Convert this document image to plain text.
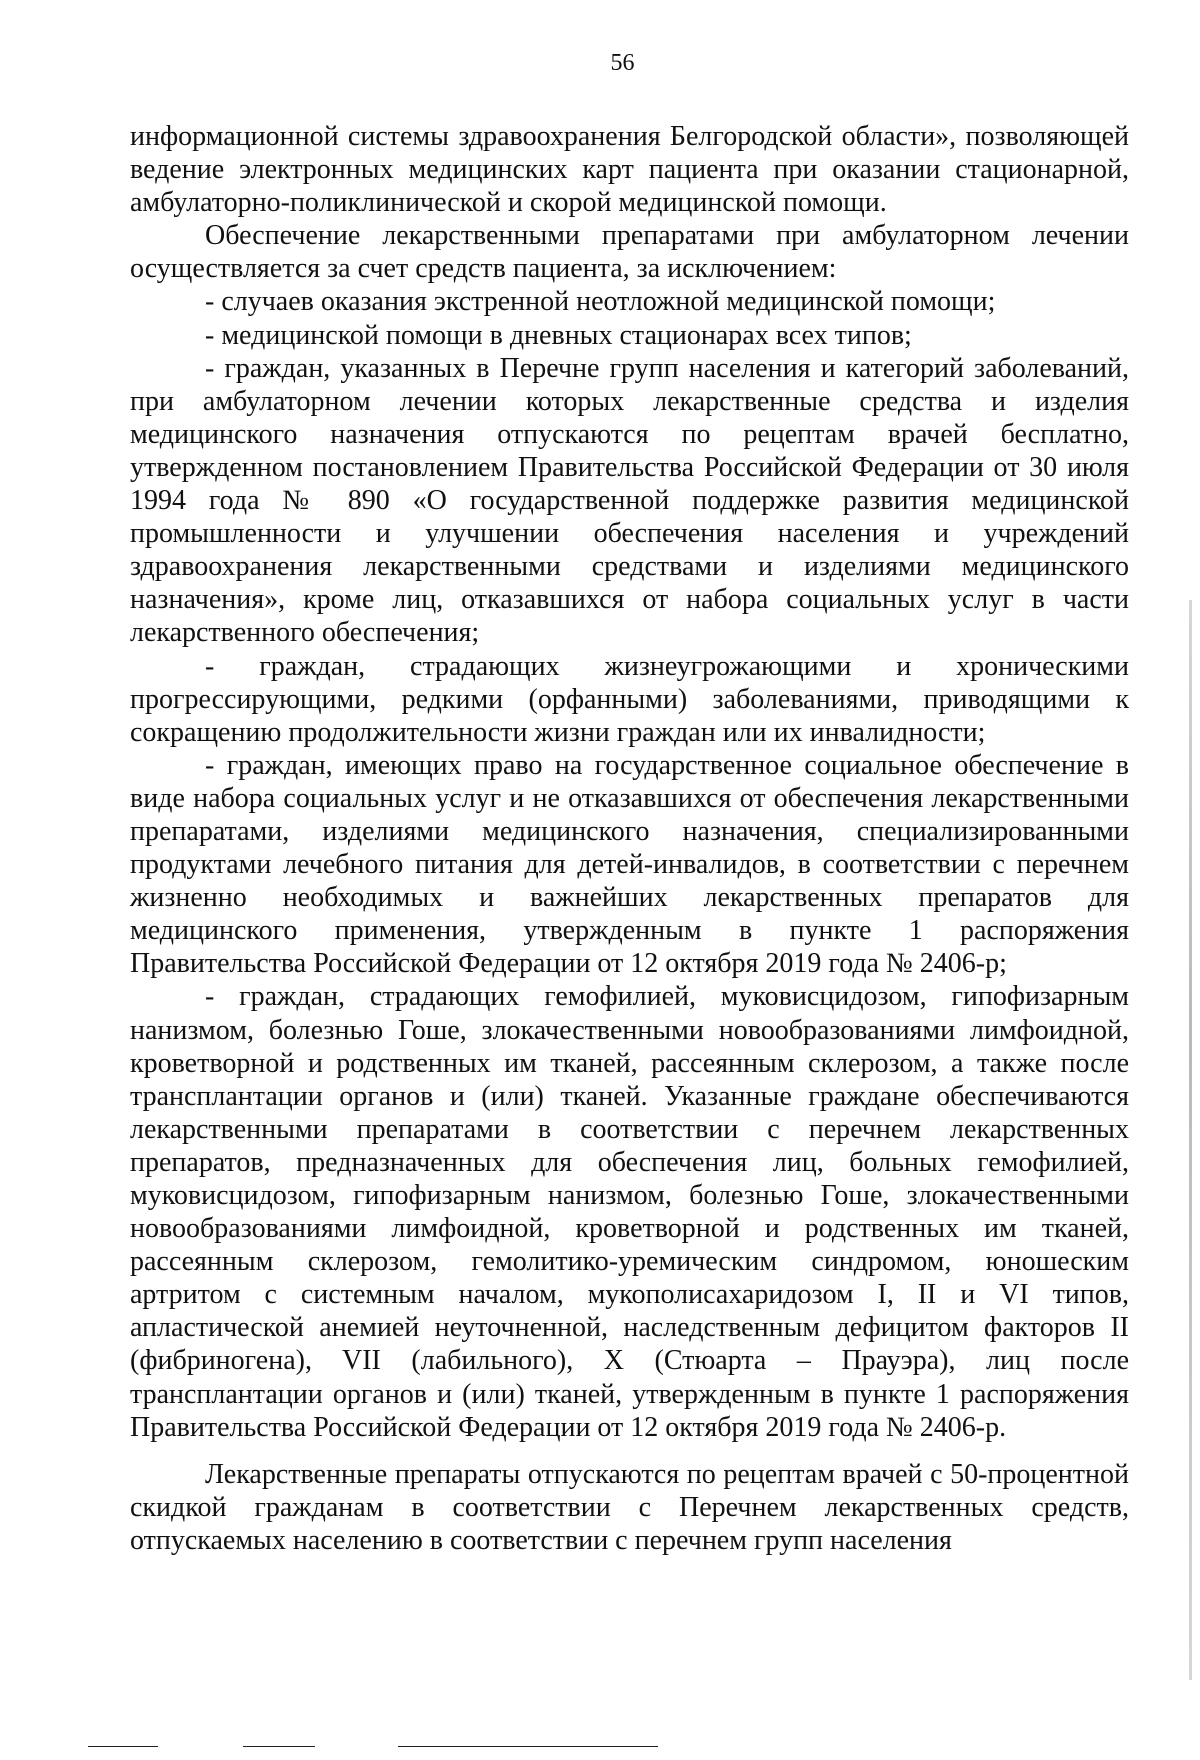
56

информационной системы здравоохранения Белгородской области», позволяющей ведение электронных медицинских карт пациента при оказании стационарной, амбулаторно-поликлинической и скорой медицинской помощи.

Обеспечение лекарственными препаратами при амбулаторном лечении осуществляется за счет средств пациента, за исключением:

- случаев оказания экстренной неотложной медицинской помощи;

- медицинской помощи в дневных стационарах всех типов;

- граждан, указанных в Перечне групп населения и категорий заболеваний, при амбулаторном лечении которых лекарственные средства и изделия медицинского назначения отпускаются по рецептам врачей бесплатно, утвержденном постановлением Правительства Российской Федерации от 30 июля 1994 года № 890 «О государственной поддержке развития медицинской промышленности и улучшении обеспечения населения и учреждений здравоохранения лекарственными средствами и изделиями медицинского назначения», кроме лиц, отказавшихся от набора социальных услуг в части лекарственного обеспечения;

- граждан, страдающих жизнеугрожающими и хроническими прогрессирующими, редкими (орфанными) заболеваниями, приводящими к сокращению продолжительности жизни граждан или их инвалидности;

- граждан, имеющих право на государственное социальное обеспечение в виде набора социальных услуг и не отказавшихся от обеспечения лекарственными препаратами, изделиями медицинского назначения, специализированными продуктами лечебного питания для детей-инвалидов, в соответствии с перечнем жизненно необходимых и важнейших лекарственных препаратов для медицинского применения, утвержденным в пункте 1 распоряжения Правительства Российской Федерации от 12 октября 2019 года № 2406-р;

- граждан, страдающих гемофилией, муковисцидозом, гипофизарным нанизмом, болезнью Гоше, злокачественными новообразованиями лимфоидной, кроветворной и родственных им тканей, рассеянным склерозом, а также после трансплантации органов и (или) тканей. Указанные граждане обеспечиваются лекарственными препаратами в соответствии с перечнем лекарственных препаратов, предназначенных для обеспечения лиц, больных гемофилией, муковисцидозом, гипофизарным нанизмом, болезнью Гоше, злокачественными новообразованиями лимфоидной, кроветворной и родственных им тканей, рассеянным склерозом, гемолитико-уремическим синдромом, юношеским артритом с системным началом, мукополисахаридозом I, II и VI типов, апластической анемией неуточненной, наследственным дефицитом факторов II (фибриногена), VII (лабильного), X (Стюарта – Прауэра), лиц после трансплантации органов и (или) тканей, утвержденным в пункте 1 распоряжения Правительства Российской Федерации от 12 октября 2019 года № 2406-р.

Лекарственные препараты отпускаются по рецептам врачей с 50-процентной скидкой гражданам в соответствии с Перечнем лекарственных средств, отпускаемых населению в соответствии с перечнем групп населения
